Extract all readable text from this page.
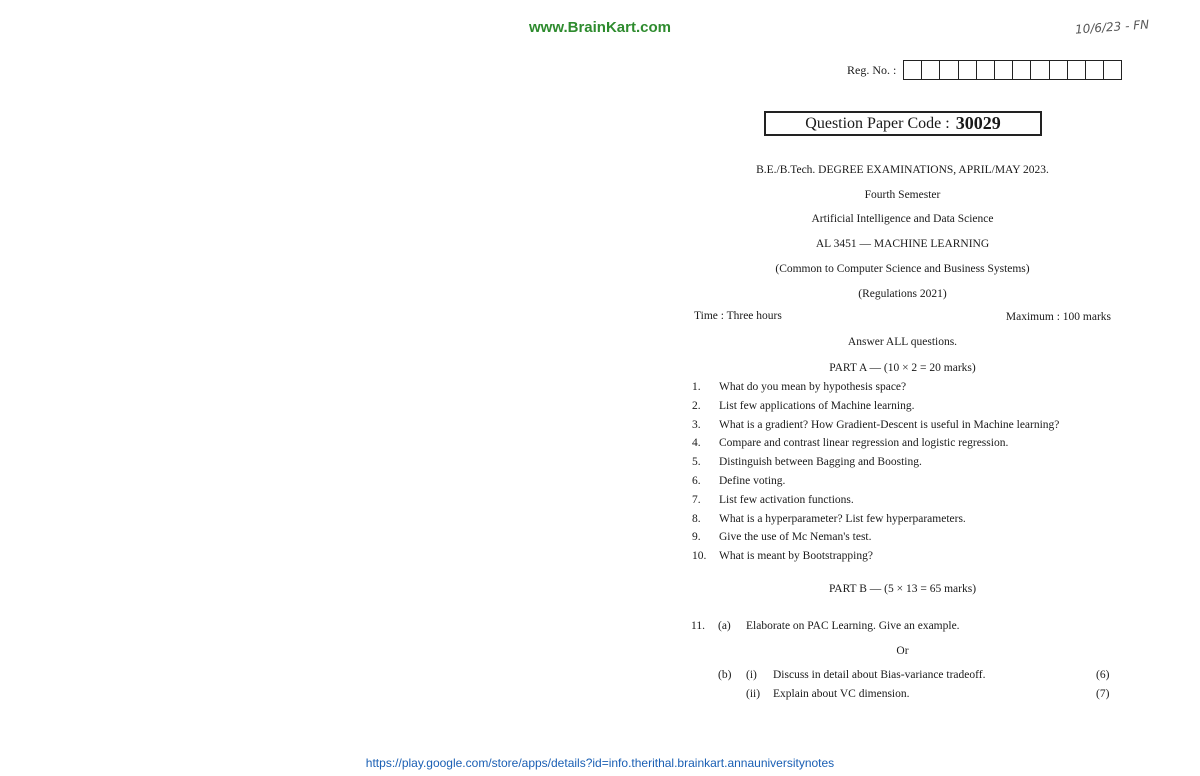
www.BrainKart.com	10/6/23 - FN
Reg. No. :
Question Paper Code : 30029
B.E./B.Tech. DEGREE EXAMINATIONS, APRIL/MAY 2023.
Fourth Semester
Artificial Intelligence and Data Science
AL 3451 — MACHINE LEARNING
(Common to Computer Science and Business Systems)
(Regulations 2021)
Time : Three hours	Maximum : 100 marks
Answer ALL questions.
PART A — (10 × 2 = 20 marks)
1. What do you mean by hypothesis space?
2. List few applications of Machine learning.
3. What is a gradient? How Gradient-Descent is useful in Machine learning?
4. Compare and contrast linear regression and logistic regression.
5. Distinguish between Bagging and Boosting.
6. Define voting.
7. List few activation functions.
8. What is a hyperparameter? List few hyperparameters.
9. Give the use of Mc Neman's test.
10. What is meant by Bootstrapping?
PART B — (5 × 13 = 65 marks)
11. (a) Elaborate on PAC Learning. Give an example.
Or
(b) (i) Discuss in detail about Bias-variance tradeoff.	(6)
(ii) Explain about VC dimension.	(7)
https://play.google.com/store/apps/details?id=info.therithal.brainkart.annauniversitynotes
